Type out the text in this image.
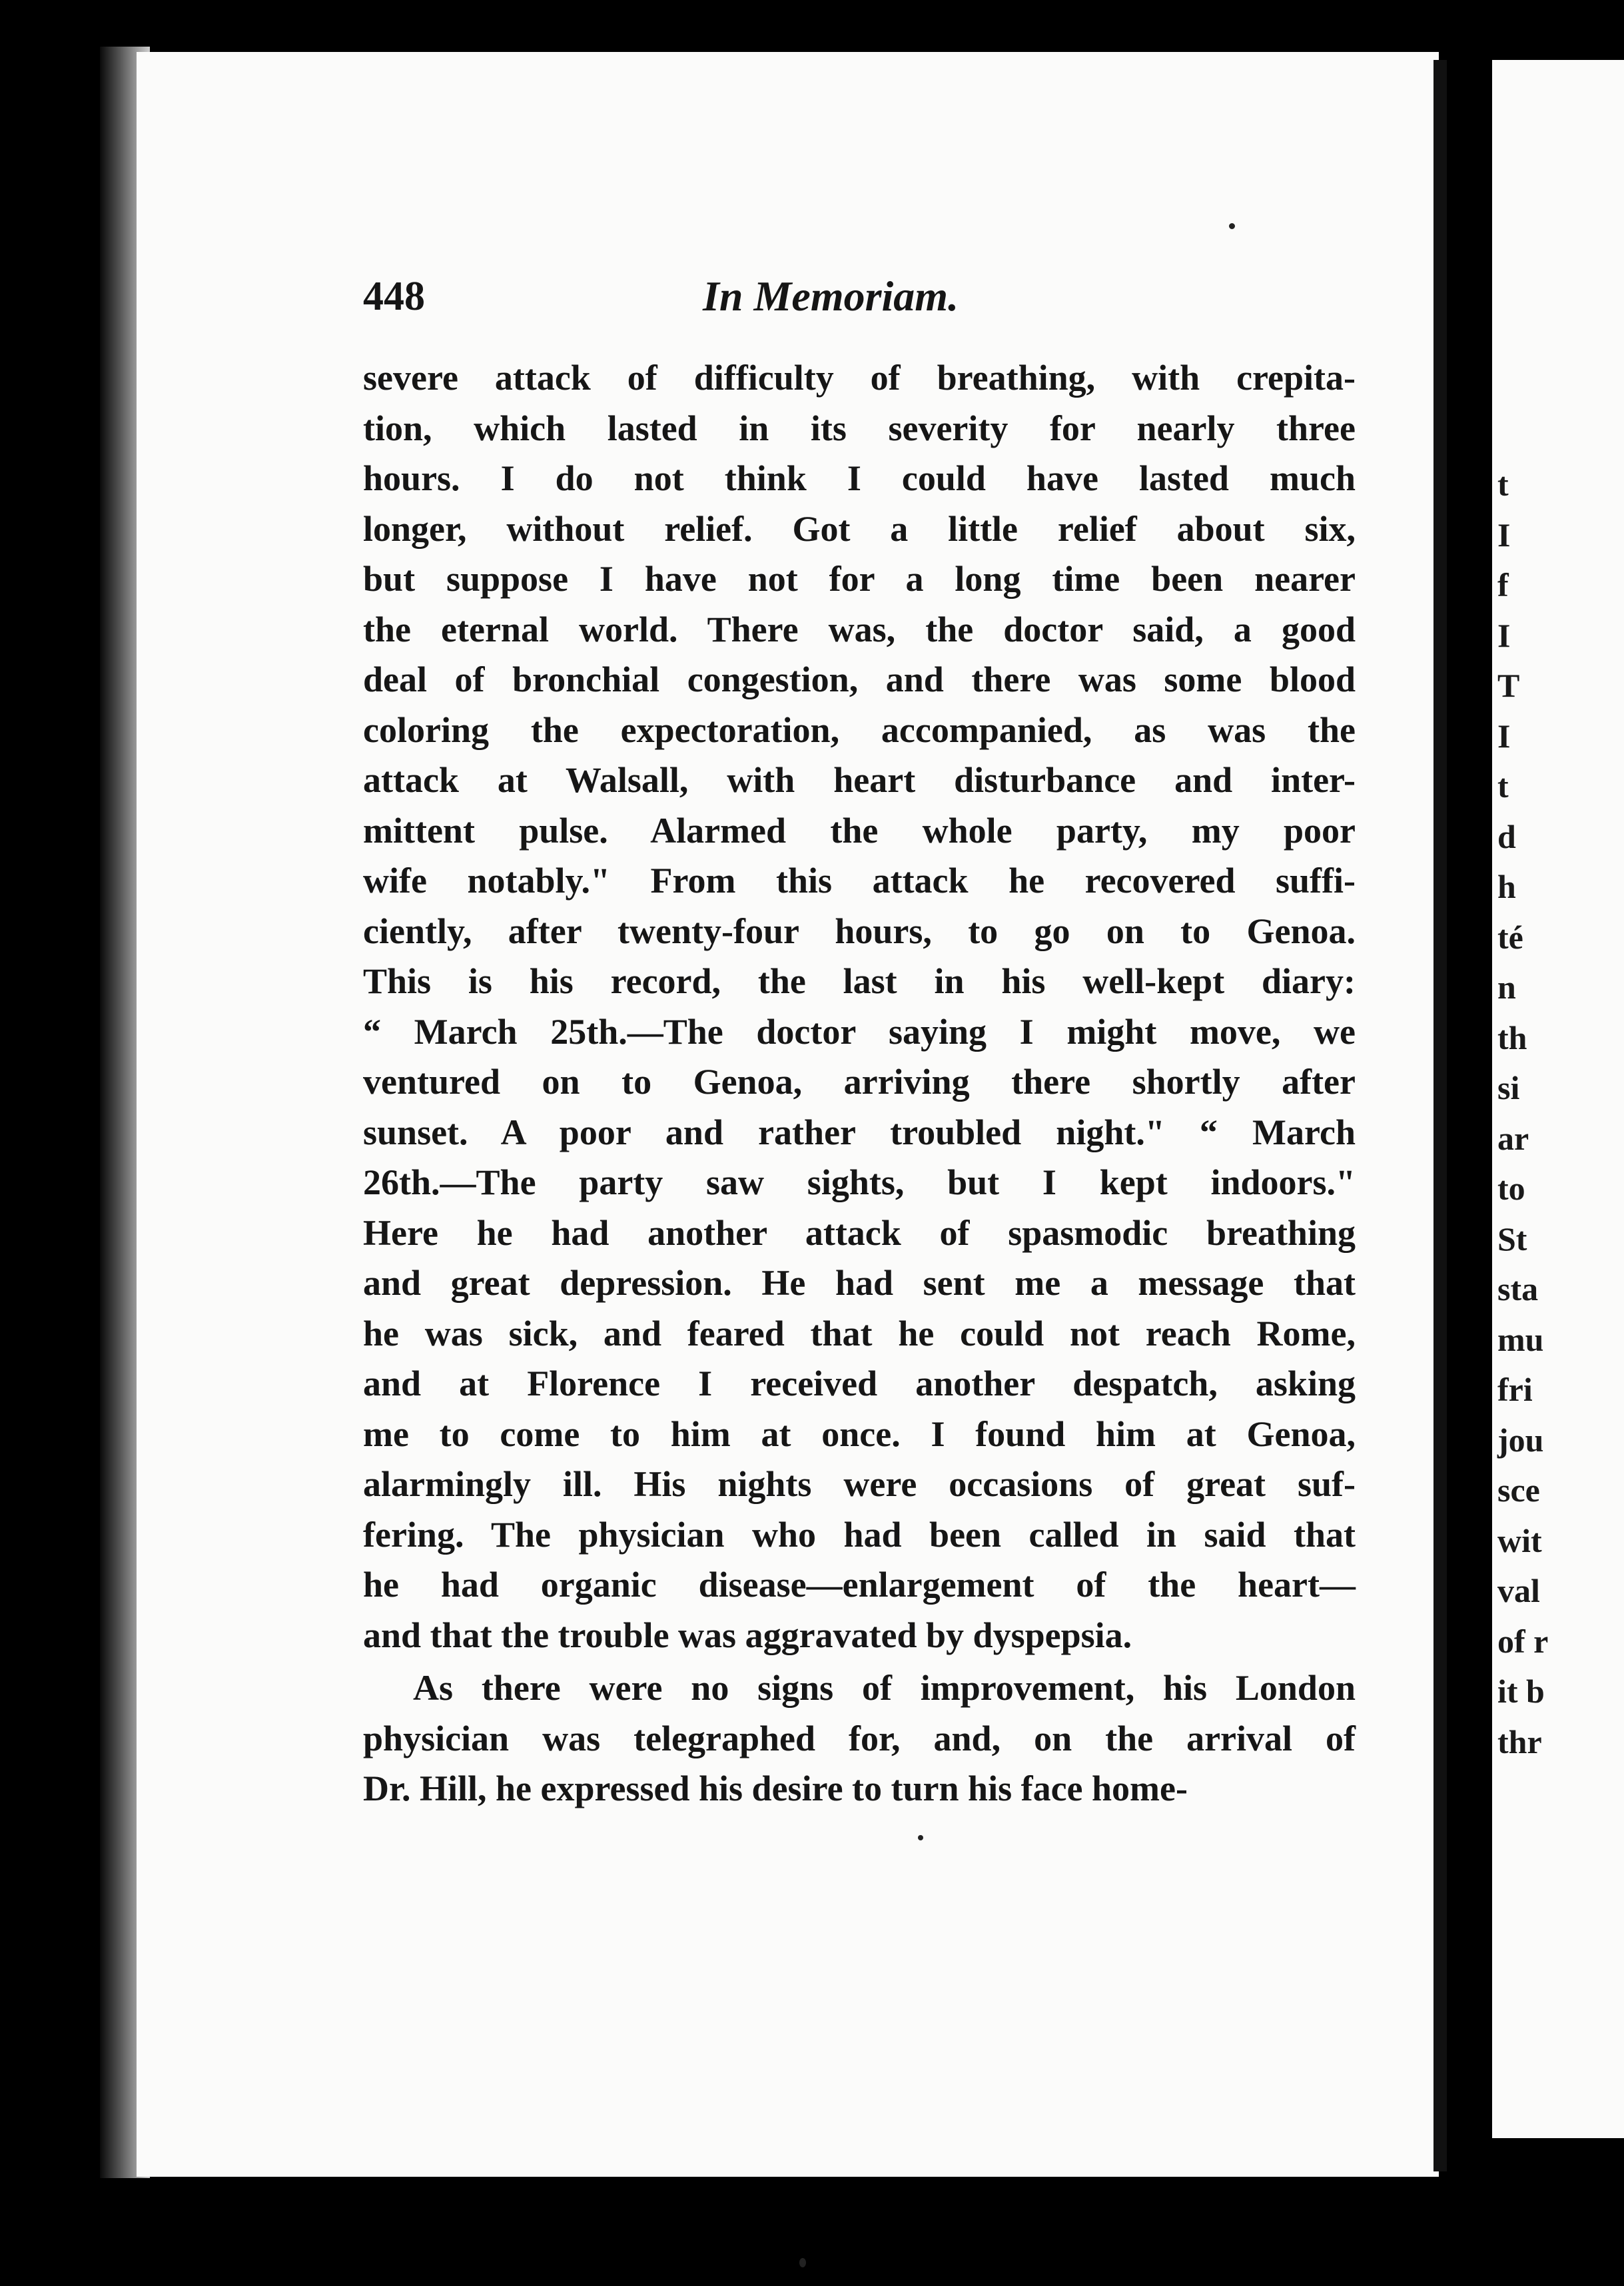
t
I
f
I
T
I
t
d
h
té
n
th
si
ar
to
St
sta
mu
fri
jou
sce
wit
val
of r
it b
thr
448	In Memoriam.
severe attack of difficulty of breathing, with crepita-
tion, which lasted in its severity for nearly three
hours. I do not think I could have lasted much
longer, without relief. Got a little relief about six,
but suppose I have not for a long time been nearer
the eternal world. There was, the doctor said, a good
deal of bronchial congestion, and there was some blood
coloring the expectoration, accompanied, as was the
attack at Walsall, with heart disturbance and inter-
mittent pulse. Alarmed the whole party, my poor
wife notably." From this attack he recovered suffi-
ciently, after twenty-four hours, to go on to Genoa.
This is his record, the last in his well-kept diary:
“ March 25th.—The doctor saying I might move, we
ventured on to Genoa, arriving there shortly after
sunset. A poor and rather troubled night." “ March
26th.—The party saw sights, but I kept indoors."
Here he had another attack of spasmodic breathing
and great depression. He had sent me a message that
he was sick, and feared that he could not reach Rome,
and at Florence I received another despatch, asking
me to come to him at once. I found him at Genoa,
alarmingly ill. His nights were occasions of great suf-
fering. The physician who had been called in said that
he had organic disease—enlargement of the heart—
and that the trouble was aggravated by dyspepsia.
As there were no signs of improvement, his London
physician was telegraphed for, and, on the arrival of
Dr. Hill, he expressed his desire to turn his face home-
